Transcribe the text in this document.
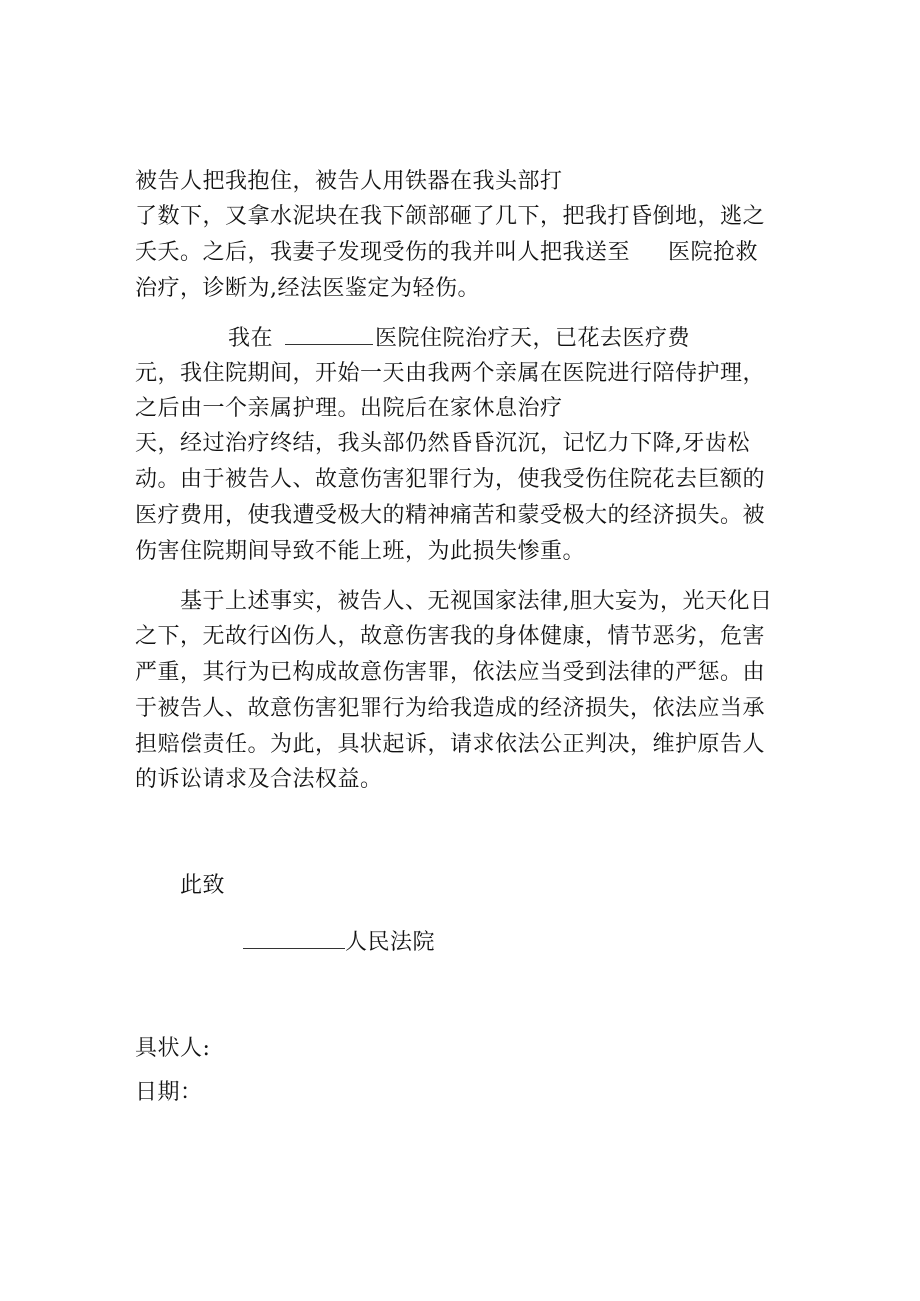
被告人把我抱住，被告人用铁器在我头部打
了数下，又拿水泥块在我下颌部砸了几下，把我打昏倒地，逃之
夭夭。之后，我妻子发现受伤的我并叫人把我送至 医院抢救
治疗，诊断为,经法医鉴定为轻伤。
我在	医院住院治疗天，已花去医疗费
元，我住院期间，开始一天由我两个亲属在医院进行陪侍护理，
之后由一个亲属护理。出院后在家休息治疗
天，经过治疗终结，我头部仍然昏昏沉沉，记忆力下降,牙齿松
动。由于被告人、故意伤害犯罪行为，使我受伤住院花去巨额的
医疗费用，使我遭受极大的精神痛苦和蒙受极大的经济损失。被
伤害住院期间导致不能上班，为此损失惨重。
基于上述事实，被告人、无视国家法律,胆大妄为，光天化日
之下，无故行凶伤人，故意伤害我的身体健康，情节恶劣，危害
严重，其行为已构成故意伤害罪，依法应当受到法律的严惩。由
于被告人、故意伤害犯罪行为给我造成的经济损失，依法应当承
担赔偿责任。为此，具状起诉，请求依法公正判决，维护原告人
的诉讼请求及合法权益。
此致
人民法院
具状人:
日期：
